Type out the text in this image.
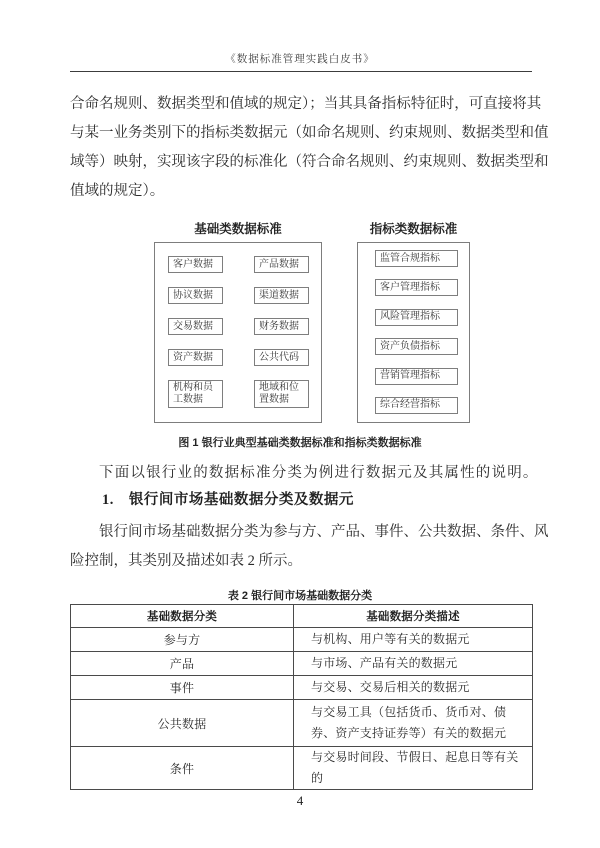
《数据标准管理实践白皮书》
合命名规则、数据类型和值域的规定）；当其具备指标特征时，可直接将其
与某一业务类别下的指标类数据元（如命名规则、约束规则、数据类型和值
域等）映射，实现该字段的标准化（符合命名规则、约束规则、数据类型和
值域的规定）。
基础类数据标准	指标类数据标准
客户数据	产品数据
协议数据	渠道数据
交易数据	财务数据
资产数据	公共代码
机构和员工数据
地域和位置数据
监管合规指标
客户管理指标
风险管理指标
资产负债指标
营销管理指标
综合经营指标
图 1 银行业典型基础类数据标准和指标类数据标准
下面以银行业的数据标准分类为例进行数据元及其属性的说明。
1.　银行间市场基础数据分类及数据元
银行间市场基础数据分类为参与方、产品、事件、公共数据、条件、风
险控制，其类别及描述如表 2 所示。
表 2 银行间市场基础数据分类
基础数据分类	基础数据分类描述
参与方	与机构、用户等有关的数据元
产品	与市场、产品有关的数据元
事件	与交易、交易后相关的数据元
公共数据	与交易工具（包括货币、货币对、债券、资产支持证券等）有关的数据元
条件	与交易时间段、节假日、起息日等有关的
4
